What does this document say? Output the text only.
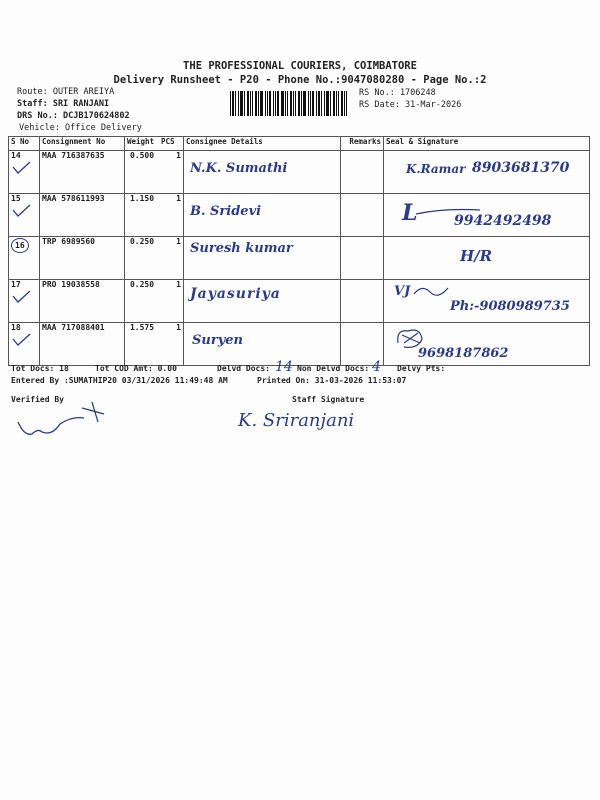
THE PROFESSIONAL COURIERS, COIMBATORE
Delivery Runsheet - P20 - Phone No.:9047080280 - Page No.:2
Route: OUTER AREIYA
Staff: SRI RANJANI
DRS No.: DCJB170624802
Vehicle: Office Delivery
RS No.: 1706248
RS Date: 31-Mar-2026
S No	Consignment No	Weight	PCS	Consignee Details	Remarks	Seal & Signature
14	MAA 716387635	0.500	1	N.K. Sumathi		K.Ramar 8903681370

15	MAA 578611993	1.150	1	B. Sridevi		L 9942492498

16	TRP 6989560	0.250	1	Suresh kumar		H/R

17	PRO 19038558	0.250	1	Jayasuriya		VJ
Ph:-9080989735

18	MAA 717088401	1.575	1	Suryen		9698187862
Tot Docs: 18	Tot COD Amt: 0.00	Delvd Docs: 14 Non Delvd Docs: 4 Delvy Pts:
Entered By :SUMATHIP20 03/31/2026 11:49:48 AM	Printed On: 31-03-2026 11:53:07
Verified By	Staff Signature
K. Sriranjani
